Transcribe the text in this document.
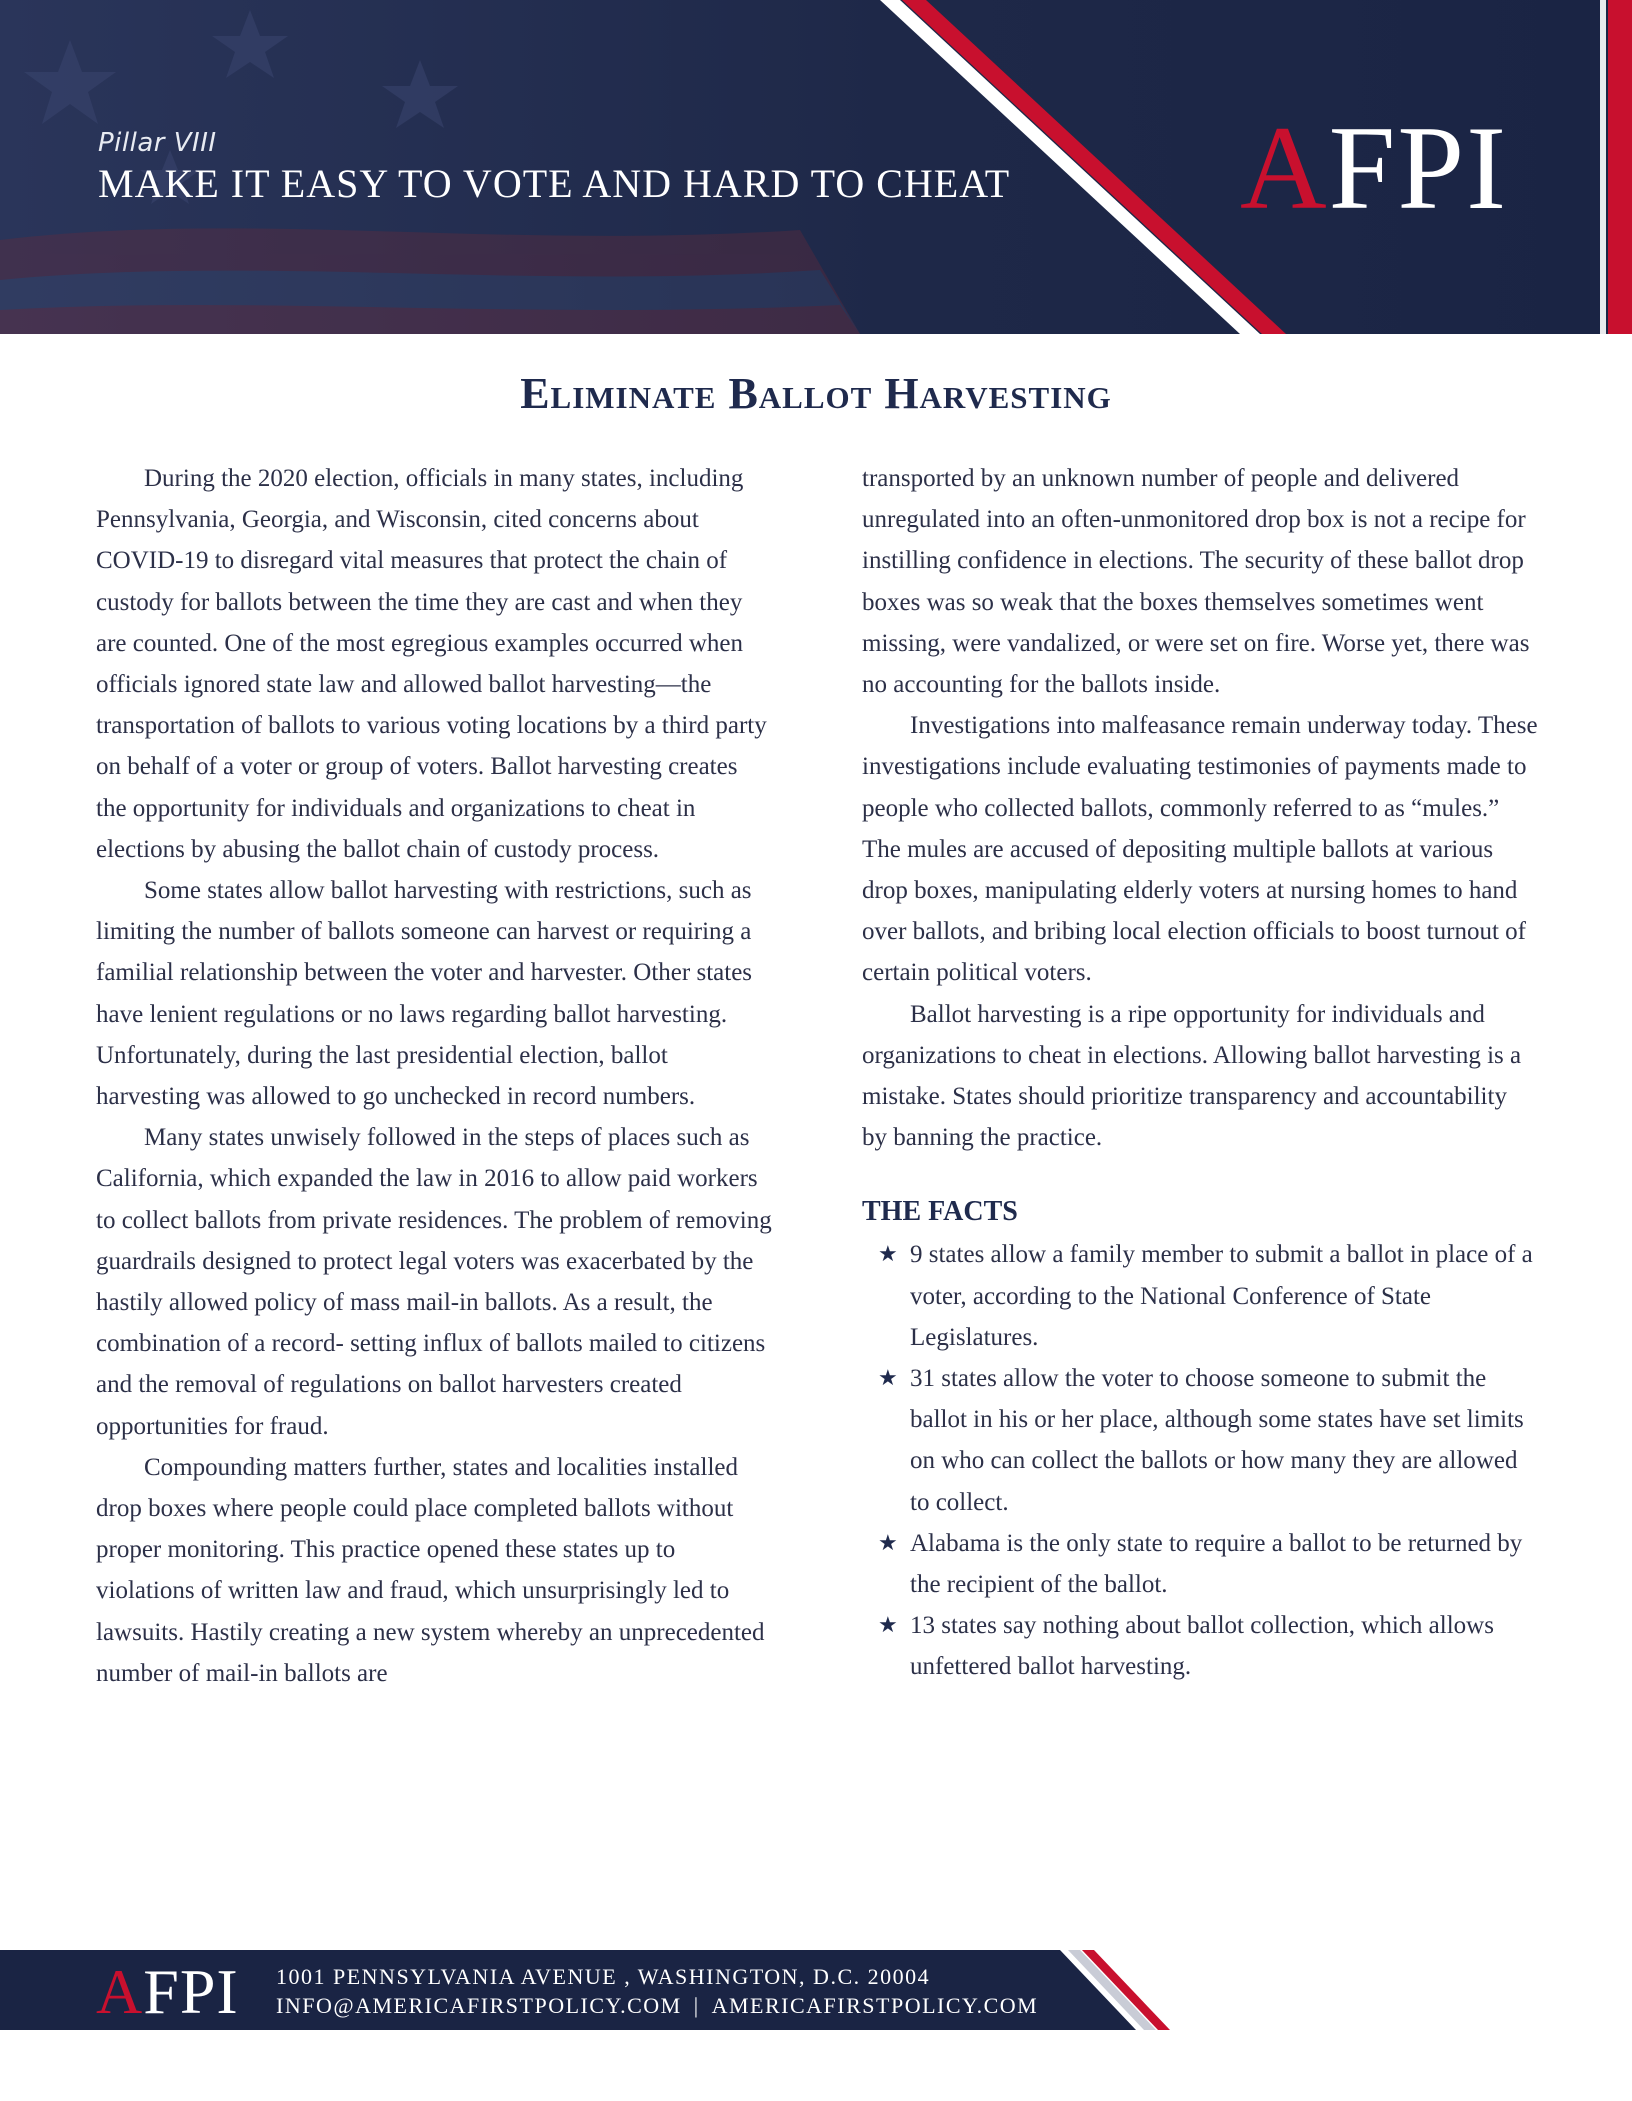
Pillar VIII

MAKE IT EASY TO VOTE AND HARD TO CHEAT AFPI
Eliminate Ballot Harvesting

During the 2020 election, officials in many states, including Pennsylvania, Georgia, and Wisconsin, cited concerns about COVID-19 to disregard vital measures that protect the chain of custody for ballots between the time they are cast and when they are counted. One of the most egregious examples occurred when officials ignored state law and allowed ballot harvesting—the transportation of ballots to various voting locations by a third party on behalf of a voter or group of voters. Ballot harvesting creates the opportunity for individuals and organizations to cheat in elections by abusing the ballot chain of custody process.

Some states allow ballot harvesting with restrictions, such as limiting the number of ballots someone can harvest or requiring a familial relationship between the voter and harvester. Other states have lenient regulations or no laws regarding ballot harvesting. Unfortunately, during the last presidential election, ballot harvesting was allowed to go unchecked in record numbers.

Many states unwisely followed in the steps of places such as California, which expanded the law in 2016 to allow paid workers to collect ballots from private residences. The problem of removing guardrails designed to protect legal voters was exacerbated by the hastily allowed policy of mass mail-in ballots. As a result, the combination of a record- setting influx of ballots mailed to citizens and the removal of regulations on ballot harvesters created opportunities for fraud.

Compounding matters further, states and localities installed drop boxes where people could place completed ballots without proper monitoring. This practice opened these states up to violations of written law and fraud, which unsurprisingly led to lawsuits. Hastily creating a new system whereby an unprecedented number of mail-in ballots are

transported by an unknown number of people and delivered unregulated into an often-unmonitored drop box is not a recipe for instilling confidence in elections. The security of these ballot drop boxes was so weak that the boxes themselves sometimes went missing, were vandalized, or were set on fire. Worse yet, there was no accounting for the ballots inside.

Investigations into malfeasance remain underway today. These investigations include evaluating testimonies of payments made to people who collected ballots, commonly referred to as “mules.” The mules are accused of depositing multiple ballots at various drop boxes, manipulating elderly voters at nursing homes to hand over ballots, and bribing local election officials to boost turnout of certain political voters.

Ballot harvesting is a ripe opportunity for individuals and organizations to cheat in elections. Allowing ballot harvesting is a mistake. States should prioritize transparency and accountability by banning the practice.

THE FACTS
★ 9 states allow a family member to submit a ballot in place of a voter, according to the National Conference of State Legislatures.
★ 31 states allow the voter to choose someone to submit the ballot in his or her place, although some states have set limits on who can collect the ballots or how many they are allowed to collect.
★ Alabama is the only state to require a ballot to be returned by the recipient of the ballot.
★ 13 states say nothing about ballot collection, which allows unfettered ballot harvesting.
AFPI 1001 PENNSYLVANIA AVENUE , WASHINGTON, D.C. 20004
INFO@AMERICAFIRSTPOLICY.COM | AMERICAFIRSTPOLICY.COM
